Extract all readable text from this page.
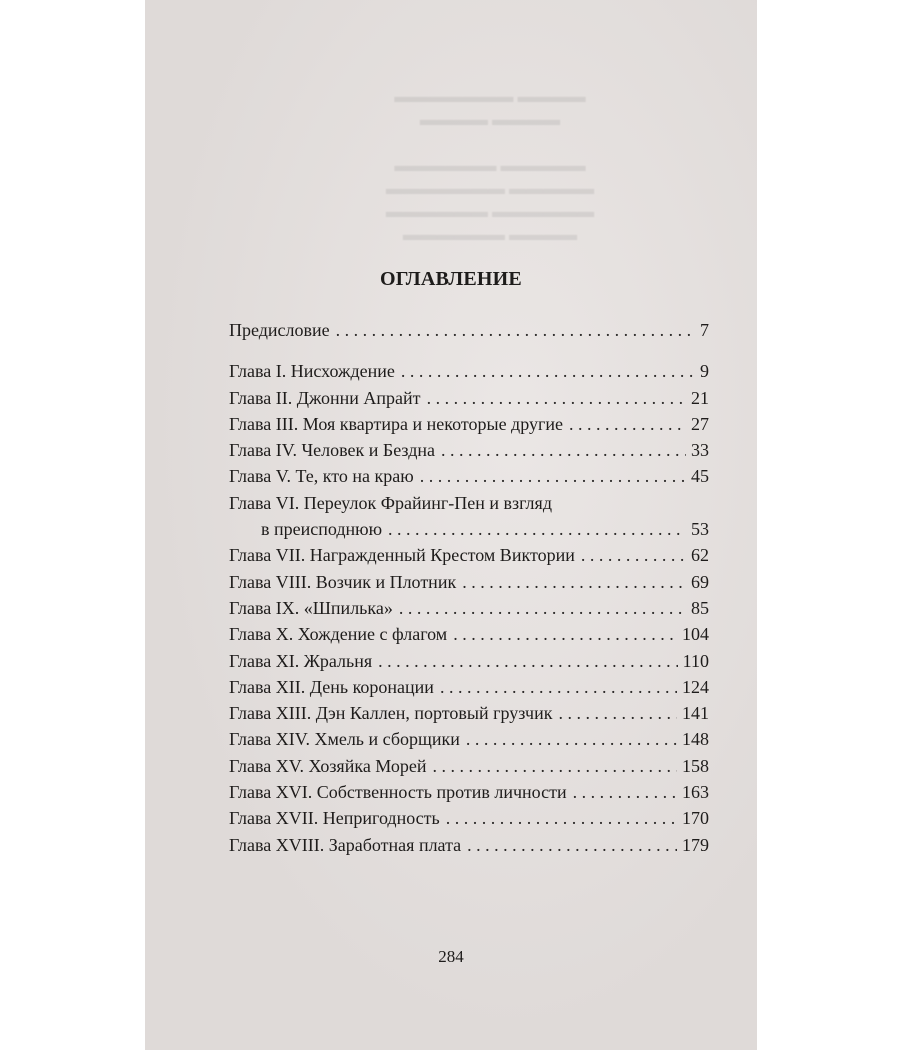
▬▬▬▬ ▬▬▬▬▬▬▬
▬▬▬▬ ▬▬▬▬

▬▬▬▬▬ ▬▬▬▬▬▬
▬▬▬▬▬ ▬▬▬▬▬▬▬
▬▬▬▬▬▬ ▬▬▬▬▬▬
▬▬▬▬ ▬▬▬▬▬▬
ОГЛАВЛЕНИЕ
Предисловие . . .	7
Глава I. Нисхождение . . .	9
Глава II. Джонни Апрайт . . .	21
Глава III. Моя квартира и некоторые другие . . .	27
Глава IV. Человек и Бездна . . .	33
Глава V. Те, кто на краю . . .	45
Глава VI. Переулок Фрайинг-Пен и взгляд
в преисподнюю . . .	53
Глава VII. Награжденный Крестом Виктории . . .	62
Глава VIII. Возчик и Плотник . . .	69
Глава IX. «Шпилька» . . .	85
Глава X. Хождение с флагом . . .	104
Глава XI. Жральня . . .	110
Глава XII. День коронации . . .	124
Глава XIII. Дэн Каллен, портовый грузчик . . .	141
Глава XIV. Хмель и сборщики . . .	148
Глава XV. Хозяйка Морей . . .	158
Глава XVI. Собственность против личности . . .	163
Глава XVII. Непригодность . . .	170
Глава XVIII. Заработная плата . . .	179
284
